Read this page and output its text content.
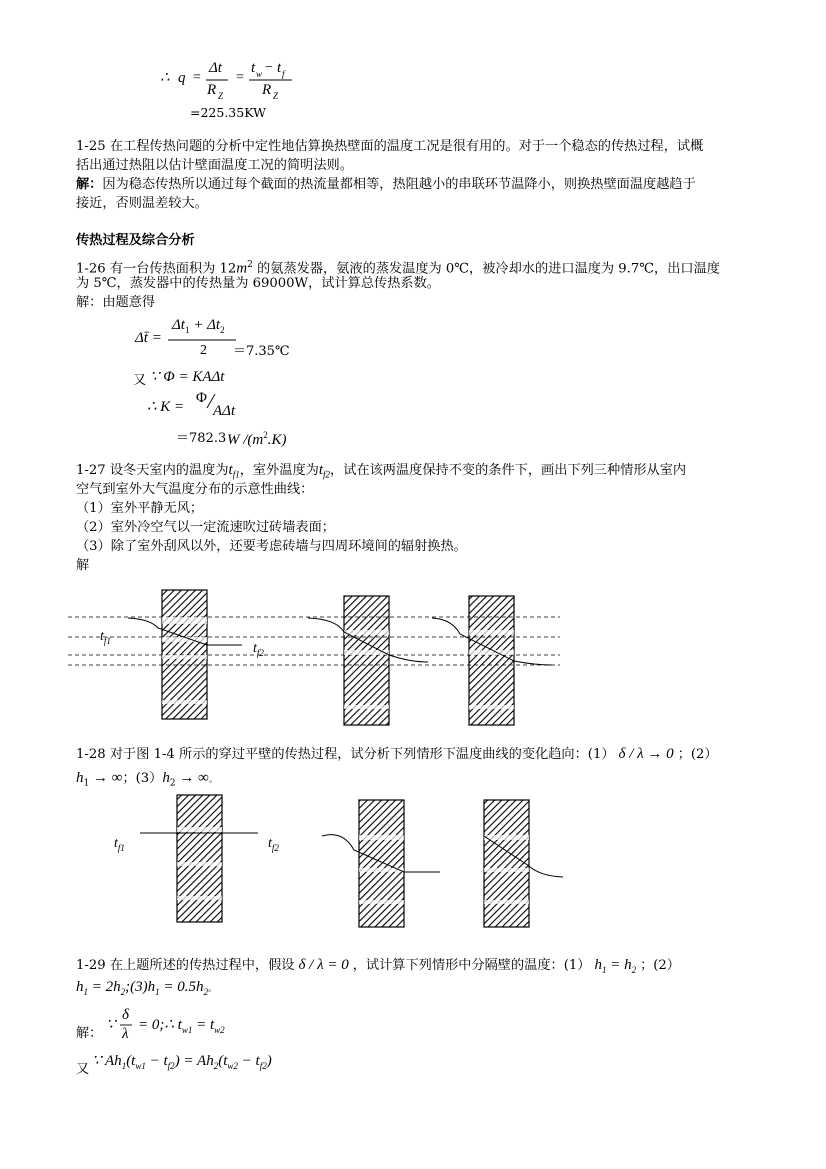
∴ q =
Δt
R Z
=
t w − t f
R Z
=225.35KW
1-25 在工程传热问题的分析中定性地估算换热壁面的温度工况是很有用的。对于一个稳态的传热过程，试概
括出通过热阻以估计壁面温度工况的简明法则。
解：因为稳态传热所以通过每个截面的热流量都相等，热阻越小的串联环节温降小，则换热壁面温度越趋于
接近，否则温差较大。
传热过程及综合分析
1-26 有一台传热面积为 $12m^2$ 的氨蒸发器，氨液的蒸发温度为 0℃，被冷却水的进口温度为 9.7℃，出口温度
为 5℃，蒸发器中的传热量为 69000W，试计算总传热系数。
解：由题意得
Δt̄ =
$\Delta t_1 + \Delta t_2$
2 ＝7.35℃
又 ∵ Φ = KAΔt
∴ K =
Φ
AΔt
＝782.3 W $/(m^2.K)$
1-27 设冬天室内的温度为$t_{f1}$，室外温度为$t_{f2}$，试在该两温度保持不变的条件下，画出下列三种情形从室内
空气到室外大气温度分布的示意性曲线：
（1）室外平静无风；
（2）室外冷空气以一定流速吹过砖墙表面；
（3）除了室外刮风以外，还要考虑砖墙与四周环境间的辐射换热。
解
$t_{f1}$	$t_{f2}$
1-28 对于图 1-4 所示的穿过平壁的传热过程，试分析下列情形下温度曲线的变化趋向：(1） δ / λ → 0 ；(2）
$h_1$ → ∞；$(3)h_2$ → ∞。
$t_{f1}$	$t_{f2}$
1-29 在上题所述的传热过程中，假设 δ / λ = 0 ，试计算下列情形中分隔壁的温度：(1） $h_1 = h_2$ ；(2）
$h_1$ = $2h_2;(3)h_1 = 0.5h_2$。
解：
∵
δ
λ
= 0;∴ $t_{w1} = t_{w2}$
又
∵ $Ah_1(t_{w1} - t_{f2}) = Ah_2(t_{w2} - t_{f2})$
